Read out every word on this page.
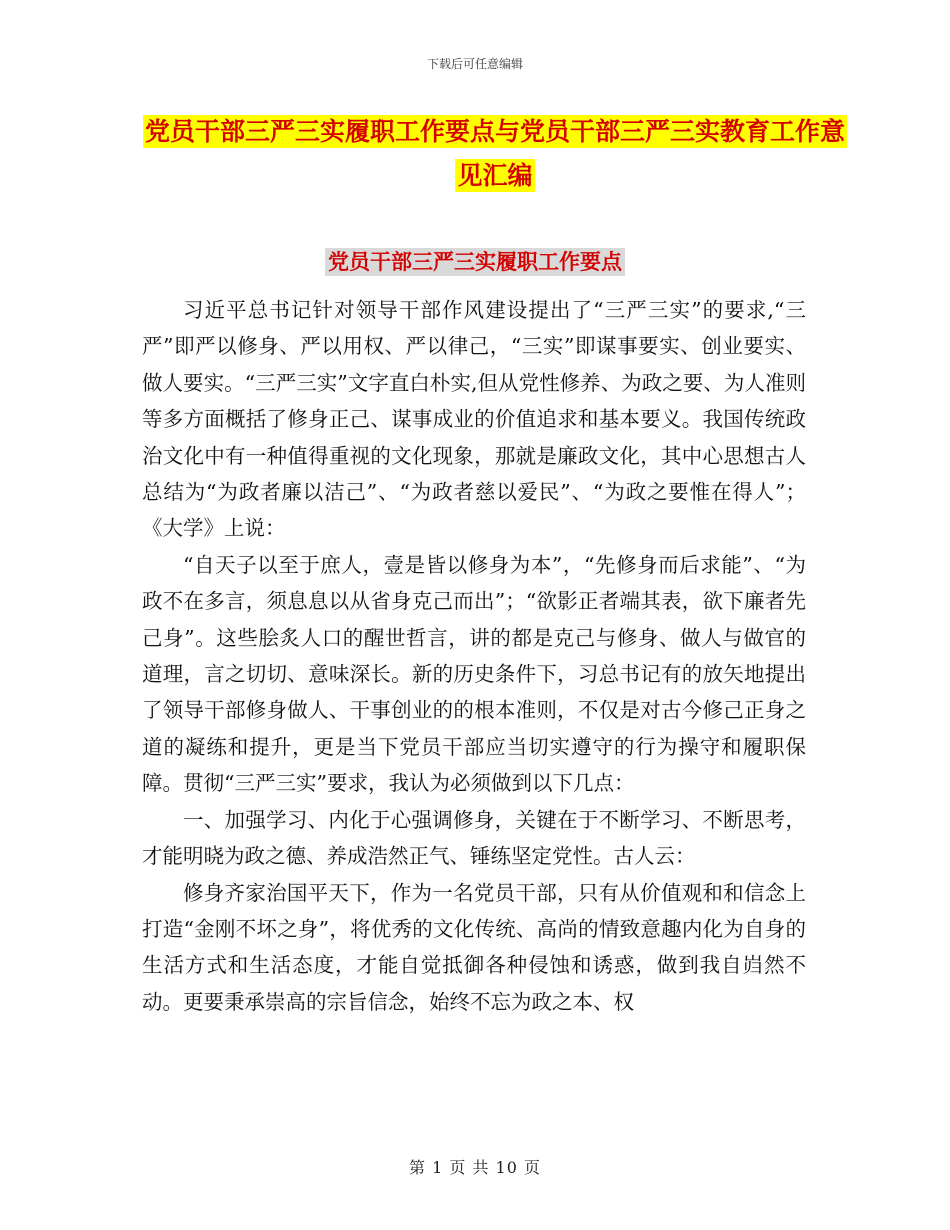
下载后可任意编辑
党员干部三严三实履职工作要点与党员干部三严三实教育工作意见汇编
党员干部三严三实履职工作要点

习近平总书记针对领导干部作风建设提出了“三严三实”的要求,“三严”即严以修身、严以用权、严以律己，“三实”即谋事要实、创业要实、做人要实。“三严三实”文字直白朴实,但从党性修养、为政之要、为人准则等多方面概括了修身正己、谋事成业的价值追求和基本要义。我国传统政治文化中有一种值得重视的文化现象，那就是廉政文化，其中心思想古人总结为“为政者廉以洁己”、“为政者慈以爱民”、“为政之要惟在得人”；《大学》上说：

“自天子以至于庶人，壹是皆以修身为本”，“先修身而后求能”、“为政不在多言，须息息以从省身克己而出”；“欲影正者端其表，欲下廉者先己身”。这些脍炙人口的醒世哲言，讲的都是克己与修身、做人与做官的道理，言之切切、意味深长。新的历史条件下，习总书记有的放矢地提出了领导干部修身做人、干事创业的的根本准则，不仅是对古今修己正身之道的凝练和提升，更是当下党员干部应当切实遵守的行为操守和履职保障。贯彻“三严三实”要求，我认为必须做到以下几点：

一、加强学习、内化于心强调修身，关键在于不断学习、不断思考，才能明晓为政之德、养成浩然正气、锤练坚定党性。古人云：

修身齐家治国平天下，作为一名党员干部，只有从价值观和和信念上打造“金刚不坏之身”，将优秀的文化传统、高尚的情致意趣内化为自身的生活方式和生活态度，才能自觉抵御各种侵蚀和诱惑，做到我自岿然不动。更要秉承崇高的宗旨信念，始终不忘为政之本、权

第 1 页 共 10 页
